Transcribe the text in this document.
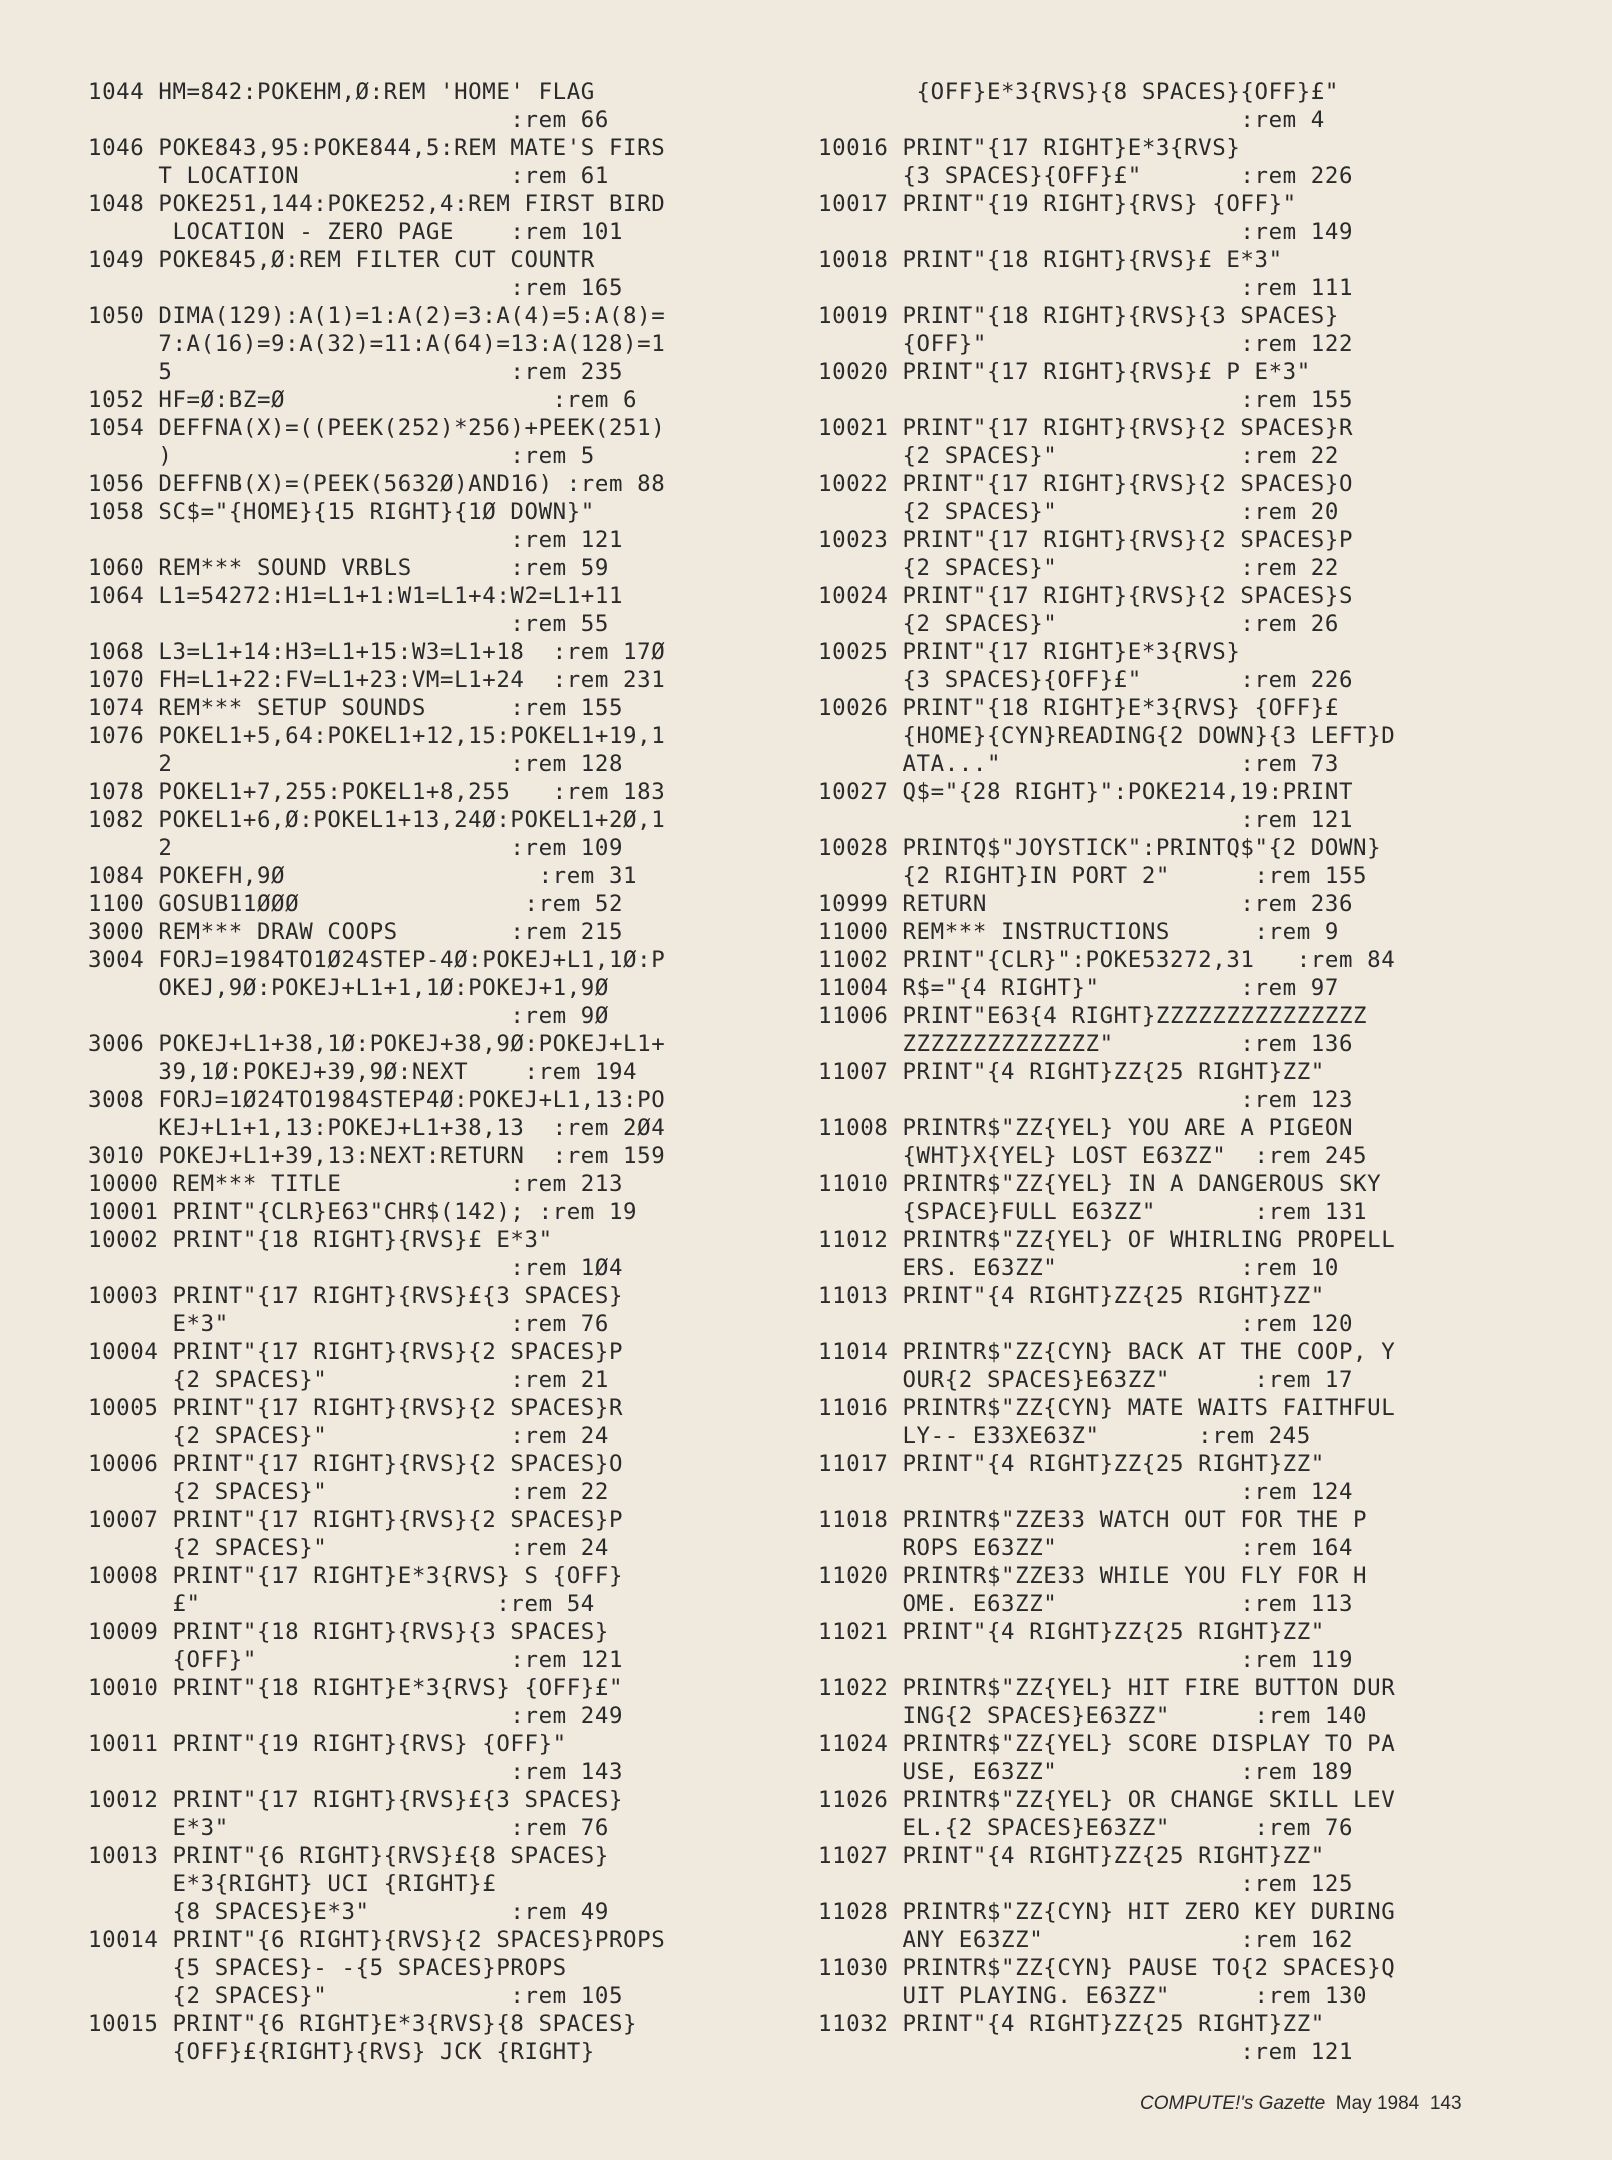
1044 HM=842:POKEHM,Ø:REM 'HOME' FLAG
:rem 66
1046 POKE843,95:POKE844,5:REM MATE'S FIRS
T LOCATION               :rem 61
1048 POKE251,144:POKE252,4:REM FIRST BIRD
LOCATION - ZERO PAGE    :rem 101
1049 POKE845,Ø:REM FILTER CUT COUNTR
:rem 165
1050 DIMA(129):A(1)=1:A(2)=3:A(4)=5:A(8)=
7:A(16)=9:A(32)=11:A(64)=13:A(128)=1
5                        :rem 235
1052 HF=Ø:BZ=Ø                   :rem 6
1054 DEFFNA(X)=((PEEK(252)*256)+PEEK(251)
)                        :rem 5
1056 DEFFNB(X)=(PEEK(5632Ø)AND16) :rem 88
1058 SC$="{HOME}{15 RIGHT}{1Ø DOWN}"
:rem 121
1060 REM*** SOUND VRBLS       :rem 59
1064 L1=54272:H1=L1+1:W1=L1+4:W2=L1+11
:rem 55
1068 L3=L1+14:H3=L1+15:W3=L1+18  :rem 17Ø
1070 FH=L1+22:FV=L1+23:VM=L1+24  :rem 231
1074 REM*** SETUP SOUNDS      :rem 155
1076 POKEL1+5,64:POKEL1+12,15:POKEL1+19,1
2                        :rem 128
1078 POKEL1+7,255:POKEL1+8,255   :rem 183
1082 POKEL1+6,Ø:POKEL1+13,24Ø:POKEL1+2Ø,1
2                        :rem 109
1084 POKEFH,9Ø                  :rem 31
1100 GOSUB11ØØØ                :rem 52
3000 REM*** DRAW COOPS        :rem 215
3004 FORJ=1984TO1Ø24STEP-4Ø:POKEJ+L1,1Ø:P
OKEJ,9Ø:POKEJ+L1+1,1Ø:POKEJ+1,9Ø
:rem 9Ø
3006 POKEJ+L1+38,1Ø:POKEJ+38,9Ø:POKEJ+L1+
39,1Ø:POKEJ+39,9Ø:NEXT    :rem 194
3008 FORJ=1Ø24TO1984STEP4Ø:POKEJ+L1,13:PO
KEJ+L1+1,13:POKEJ+L1+38,13  :rem 2Ø4
3010 POKEJ+L1+39,13:NEXT:RETURN  :rem 159
10000 REM*** TITLE            :rem 213
10001 PRINT"{CLR}E63"CHR$(142); :rem 19
10002 PRINT"{18 RIGHT}{RVS}£ E*3"
:rem 1Ø4
10003 PRINT"{17 RIGHT}{RVS}£{3 SPACES}
E*3"                    :rem 76
10004 PRINT"{17 RIGHT}{RVS}{2 SPACES}P
{2 SPACES}"             :rem 21
10005 PRINT"{17 RIGHT}{RVS}{2 SPACES}R
{2 SPACES}"             :rem 24
10006 PRINT"{17 RIGHT}{RVS}{2 SPACES}O
{2 SPACES}"             :rem 22
10007 PRINT"{17 RIGHT}{RVS}{2 SPACES}P
{2 SPACES}"             :rem 24
10008 PRINT"{17 RIGHT}E*3{RVS} S {OFF}
£"                     :rem 54
10009 PRINT"{18 RIGHT}{RVS}{3 SPACES}
{OFF}"                  :rem 121
10010 PRINT"{18 RIGHT}E*3{RVS} {OFF}£"
:rem 249
10011 PRINT"{19 RIGHT}{RVS} {OFF}"
:rem 143
10012 PRINT"{17 RIGHT}{RVS}£{3 SPACES}
E*3"                    :rem 76
10013 PRINT"{6 RIGHT}{RVS}£{8 SPACES}
E*3{RIGHT} UCI {RIGHT}£
{8 SPACES}E*3"          :rem 49
10014 PRINT"{6 RIGHT}{RVS}{2 SPACES}PROPS
{5 SPACES}- -{5 SPACES}PROPS
{2 SPACES}"             :rem 105
10015 PRINT"{6 RIGHT}E*3{RVS}{8 SPACES}
{OFF}£{RIGHT}{RVS} JCK {RIGHT}
{OFF}E*3{RVS}{8 SPACES}{OFF}£"
:rem 4
10016 PRINT"{17 RIGHT}E*3{RVS}
{3 SPACES}{OFF}£"       :rem 226
10017 PRINT"{19 RIGHT}{RVS} {OFF}"
:rem 149
10018 PRINT"{18 RIGHT}{RVS}£ E*3"
:rem 111
10019 PRINT"{18 RIGHT}{RVS}{3 SPACES}
{OFF}"                  :rem 122
10020 PRINT"{17 RIGHT}{RVS}£ P E*3"
:rem 155
10021 PRINT"{17 RIGHT}{RVS}{2 SPACES}R
{2 SPACES}"             :rem 22
10022 PRINT"{17 RIGHT}{RVS}{2 SPACES}O
{2 SPACES}"             :rem 20
10023 PRINT"{17 RIGHT}{RVS}{2 SPACES}P
{2 SPACES}"             :rem 22
10024 PRINT"{17 RIGHT}{RVS}{2 SPACES}S
{2 SPACES}"             :rem 26
10025 PRINT"{17 RIGHT}E*3{RVS}
{3 SPACES}{OFF}£"       :rem 226
10026 PRINT"{18 RIGHT}E*3{RVS} {OFF}£
{HOME}{CYN}READING{2 DOWN}{3 LEFT}D
ATA..."                 :rem 73
10027 Q$="{28 RIGHT}":POKE214,19:PRINT
:rem 121
10028 PRINTQ$"JOYSTICK":PRINTQ$"{2 DOWN}
{2 RIGHT}IN PORT 2"      :rem 155
10999 RETURN                  :rem 236
11000 REM*** INSTRUCTIONS      :rem 9
11002 PRINT"{CLR}":POKE53272,31   :rem 84
11004 R$="{4 RIGHT}"          :rem 97
11006 PRINT"E63{4 RIGHT}ZZZZZZZZZZZZZZZ
ZZZZZZZZZZZZZZ"         :rem 136
11007 PRINT"{4 RIGHT}ZZ{25 RIGHT}ZZ"
:rem 123
11008 PRINTR$"ZZ{YEL} YOU ARE A PIGEON
{WHT}X{YEL} LOST E63ZZ"  :rem 245
11010 PRINTR$"ZZ{YEL} IN A DANGEROUS SKY
{SPACE}FULL E63ZZ"       :rem 131
11012 PRINTR$"ZZ{YEL} OF WHIRLING PROPELL
ERS. E63ZZ"             :rem 10
11013 PRINT"{4 RIGHT}ZZ{25 RIGHT}ZZ"
:rem 120
11014 PRINTR$"ZZ{CYN} BACK AT THE COOP, Y
OUR{2 SPACES}E63ZZ"      :rem 17
11016 PRINTR$"ZZ{CYN} MATE WAITS FAITHFUL
LY-- E33XE63Z"       :rem 245
11017 PRINT"{4 RIGHT}ZZ{25 RIGHT}ZZ"
:rem 124
11018 PRINTR$"ZZE33 WATCH OUT FOR THE P
ROPS E63ZZ"             :rem 164
11020 PRINTR$"ZZE33 WHILE YOU FLY FOR H
OME. E63ZZ"             :rem 113
11021 PRINT"{4 RIGHT}ZZ{25 RIGHT}ZZ"
:rem 119
11022 PRINTR$"ZZ{YEL} HIT FIRE BUTTON DUR
ING{2 SPACES}E63ZZ"      :rem 140
11024 PRINTR$"ZZ{YEL} SCORE DISPLAY TO PA
USE, E63ZZ"             :rem 189
11026 PRINTR$"ZZ{YEL} OR CHANGE SKILL LEV
EL.{2 SPACES}E63ZZ"      :rem 76
11027 PRINT"{4 RIGHT}ZZ{25 RIGHT}ZZ"
:rem 125
11028 PRINTR$"ZZ{CYN} HIT ZERO KEY DURING
ANY E63ZZ"              :rem 162
11030 PRINTR$"ZZ{CYN} PAUSE TO{2 SPACES}Q
UIT PLAYING. E63ZZ"      :rem 130
11032 PRINT"{4 RIGHT}ZZ{25 RIGHT}ZZ"
:rem 121
COMPUTE!'s Gazette May 1984 143
